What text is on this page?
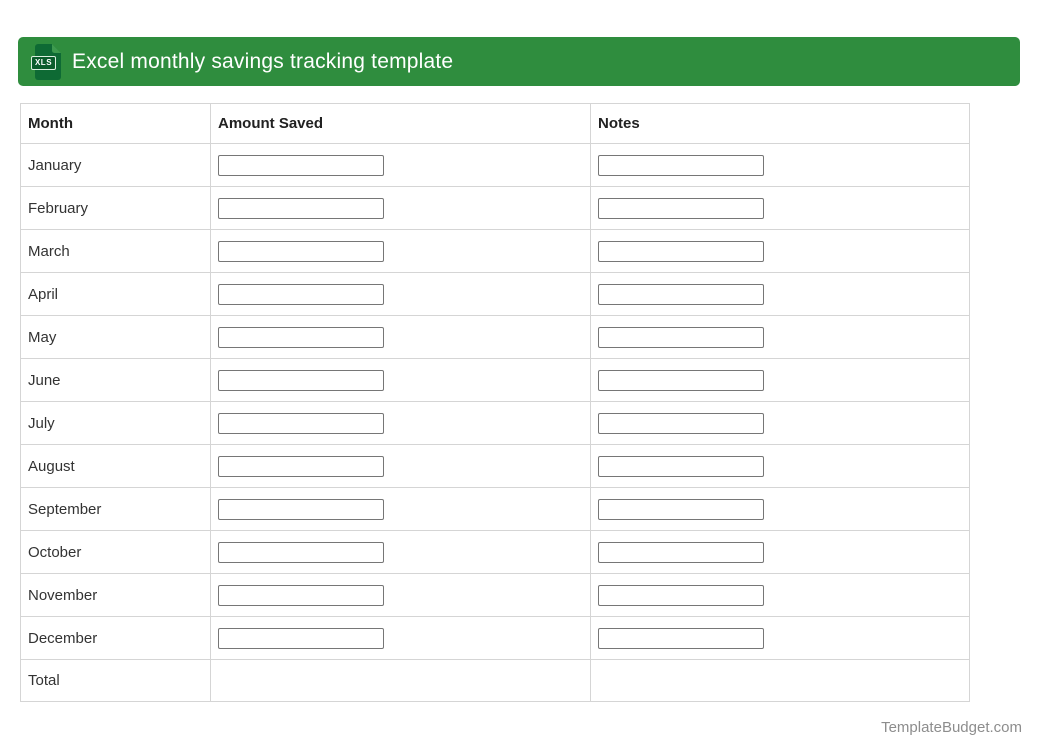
XLS Excel monthly savings tracking template
Month	Amount Saved	Notes
January		
February		
March		
April		
May		
June		
July		
August		
September		
October		
November		
December		
Total		
TemplateBudget.com
